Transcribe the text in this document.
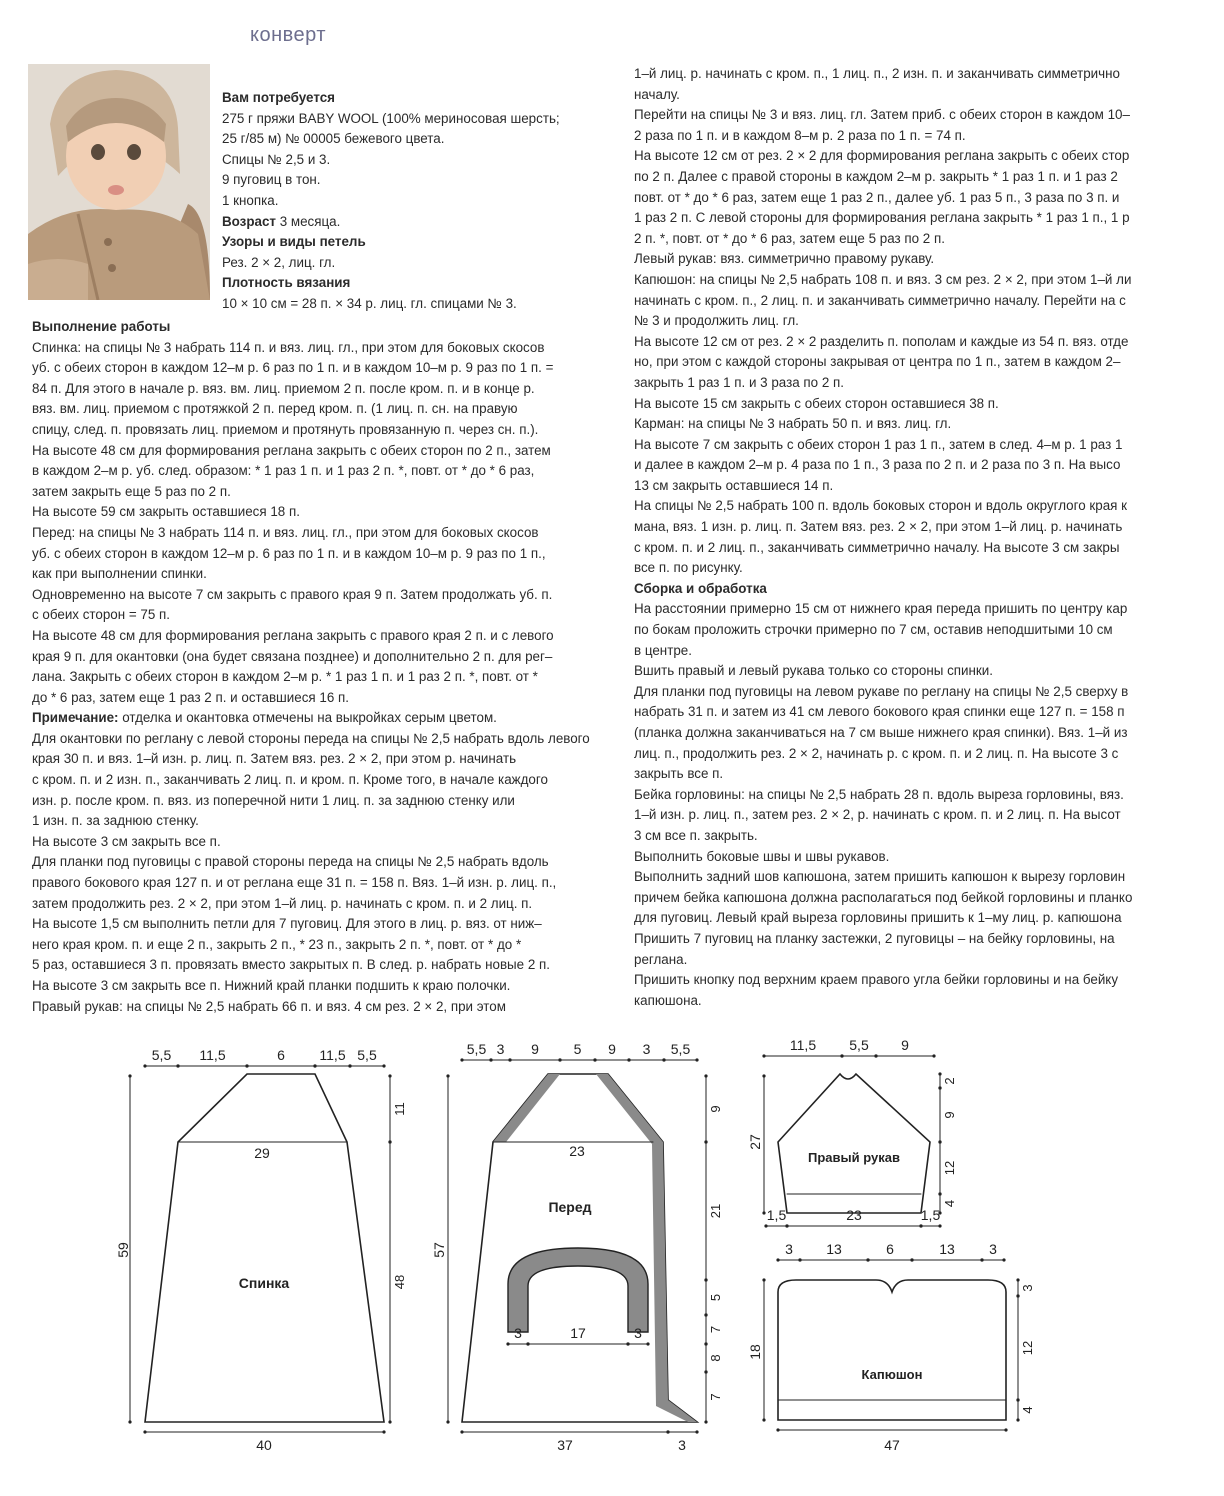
конверт
Вам потребуется
275 г пряжи BABY WOOL (100% мериносовая шерсть;
25 г/85 м) № 00005 бежевого цвета.
Спицы № 2,5 и 3.
9 пуговиц в тон.
1 кнопка.
Возраст 3 месяца.
Узоры и виды петель
Рез. 2 × 2, лиц. гл.
Плотность вязания
10 × 10 см = 28 п. × 34 р. лиц. гл. спицами № 3.
Выполнение работы
Спинка: на спицы № 3 набрать 114 п. и вяз. лиц. гл., при этом для боковых скосов
уб. с обеих сторон в каждом 12–м р. 6 раз по 1 п. и в каждом 10–м р. 9 раз по 1 п. =
84 п. Для этого в начале р. вяз. вм. лиц. приемом 2 п. после кром. п. и в конце р.
вяз. вм. лиц. приемом с протяжкой 2 п. перед кром. п. (1 лиц. п. сн. на правую
спицу, след. п. провязать лиц. приемом и протянуть провязанную п. через сн. п.).
На высоте 48 см для формирования реглана закрыть с обеих сторон по 2 п., затем
в каждом 2–м р. уб. след. образом: * 1 раз 1 п. и 1 раз 2 п. *, повт. от * до * 6 раз,
затем закрыть еще 5 раз по 2 п.
На высоте 59 см закрыть оставшиеся 18 п.
Перед: на спицы № 3 набрать 114 п. и вяз. лиц. гл., при этом для боковых скосов
уб. с обеих сторон в каждом 12–м р. 6 раз по 1 п. и в каждом 10–м р. 9 раз по 1 п.,
как при выполнении спинки.
Одновременно на высоте 7 см закрыть с правого края 9 п. Затем продолжать уб. п.
с обеих сторон = 75 п.
На высоте 48 см для формирования реглана закрыть с правого края 2 п. и с левого
края 9 п. для окантовки (она будет связана позднее) и дополнительно 2 п. для рег–
лана. Закрыть с обеих сторон в каждом 2–м р. * 1 раз 1 п. и 1 раз 2 п. *, повт. от *
до * 6 раз, затем еще 1 раз 2 п. и оставшиеся 16 п.
Примечание: отделка и окантовка отмечены на выкройках серым цветом.
Для окантовки по реглану с левой стороны переда на спицы № 2,5 набрать вдоль левого
края 30 п. и вяз. 1–й изн. р. лиц. п. Затем вяз. рез. 2 × 2, при этом р. начинать
с кром. п. и 2 изн. п., заканчивать 2 лиц. п. и кром. п. Кроме того, в начале каждого
изн. р. после кром. п. вяз. из поперечной нити 1 лиц. п. за заднюю стенку или
1 изн. п. за заднюю стенку.
На высоте 3 см закрыть все п.
Для планки под пуговицы с правой стороны переда на спицы № 2,5 набрать вдоль
правого бокового края 127 п. и от реглана еще 31 п. = 158 п. Вяз. 1–й изн. р. лиц. п.,
затем продолжить рез. 2 × 2, при этом 1–й лиц. р. начинать с кром. п. и 2 лиц. п.
На высоте 1,5 см выполнить петли для 7 пуговиц. Для этого в лиц. р. вяз. от ниж–
него края кром. п. и еще 2 п., закрыть 2 п., * 23 п., закрыть 2 п. *, повт. от * до *
5 раз, оставшиеся 3 п. провязать вместо закрытых п. В след. р. набрать новые 2 п.
На высоте 3 см закрыть все п. Нижний край планки подшить к краю полочки.
Правый рукав: на спицы № 2,5 набрать 66 п. и вяз. 4 см рез. 2 × 2, при этом
1–й лиц. р. начинать с кром. п., 1 лиц. п., 2 изн. п. и заканчивать симметрично
началу.
Перейти на спицы № 3 и вяз. лиц. гл. Затем приб. с обеих сторон в каждом 10–
2 раза по 1 п. и в каждом 8–м р. 2 раза по 1 п. = 74 п.
На высоте 12 см от рез. 2 × 2 для формирования реглана закрыть с обеих стор
по 2 п. Далее с правой стороны в каждом 2–м р. закрыть * 1 раз 1 п. и 1 раз 2
повт. от * до * 6 раз, затем еще 1 раз 2 п., далее уб. 1 раз 5 п., 3 раза по 3 п. и
1 раз 2 п. С левой стороны для формирования реглана закрыть * 1 раз 1 п., 1 р
2 п. *, повт. от * до * 6 раз, затем еще 5 раз по 2 п.
Левый рукав: вяз. симметрично правому рукаву.
Капюшон: на спицы № 2,5 набрать 108 п. и вяз. 3 см рез. 2 × 2, при этом 1–й ли
начинать с кром. п., 2 лиц. п. и заканчивать симметрично началу. Перейти на с
№ 3 и продолжить лиц. гл.
На высоте 12 см от рез. 2 × 2 разделить п. пополам и каждые из 54 п. вяз. отде
но, при этом с каждой стороны закрывая от центра по 1 п., затем в каждом 2–
закрыть 1 раз 1 п. и 3 раза по 2 п.
На высоте 15 см закрыть с обеих сторон оставшиеся 38 п.
Карман: на спицы № 3 набрать 50 п. и вяз. лиц. гл.
На высоте 7 см закрыть с обеих сторон 1 раз 1 п., затем в след. 4–м р. 1 раз 1
и далее в каждом 2–м р. 4 раза по 1 п., 3 раза по 2 п. и 2 раза по 3 п. На высо
13 см закрыть оставшиеся 14 п.
На спицы № 2,5 набрать 100 п. вдоль боковых сторон и вдоль округлого края к
мана, вяз. 1 изн. р. лиц. п. Затем вяз. рез. 2 × 2, при этом 1–й лиц. р. начинать
с кром. п. и 2 лиц. п., заканчивать симметрично началу. На высоте 3 см закры
все п. по рисунку.
Сборка и обработка
На расстоянии примерно 15 см от нижнего края переда пришить по центру кар
по бокам проложить строчки примерно по 7 см, оставив неподшитыми 10 см
в центре.
Вшить правый и левый рукава только со стороны спинки.
Для планки под пуговицы на левом рукаве по реглану на спицы № 2,5 сверху в
набрать 31 п. и затем из 41 см левого бокового края спинки еще 127 п. = 158 п
(планка должна заканчиваться на 7 см выше нижнего края спинки). Вяз. 1–й из
лиц. п., продолжить рез. 2 × 2, начинать р. с кром. п. и 2 лиц. п. На высоте 3 с
закрыть все п.
Бейка горловины: на спицы № 2,5 набрать 28 п. вдоль выреза горловины, вяз.
1–й изн. р. лиц. п., затем рез. 2 × 2, р. начинать с кром. п. и 2 лиц. п. На высот
3 см все п. закрыть.
Выполнить боковые швы и швы рукавов.
Выполнить задний шов капюшона, затем пришить капюшон к вырезу горловин
причем бейка капюшона должна располагаться под бейкой горловины и планко
для пуговиц. Левый край выреза горловины пришить к 1–му лиц. р. капюшона
Пришить 7 пуговиц на планку застежки, 2 пуговицы – на бейку горловины, на
регланa.
Пришить кнопку под верхним краем правого угла бейки горловины и на бейку
капюшона.
5,5 11,5	6 11,5 5,5
29
59
11
48
40
Спинка
5,5 3 9 5 9 3 5,5
23
57
9
21
5
7
8
7
3	17	3
37	3
Перед
11,5 5,5 9
27
2
9
12
4
1,5	23	1,5
Правый рукав
3 13	6	13 3
18
3
12
4
47
Капюшон
